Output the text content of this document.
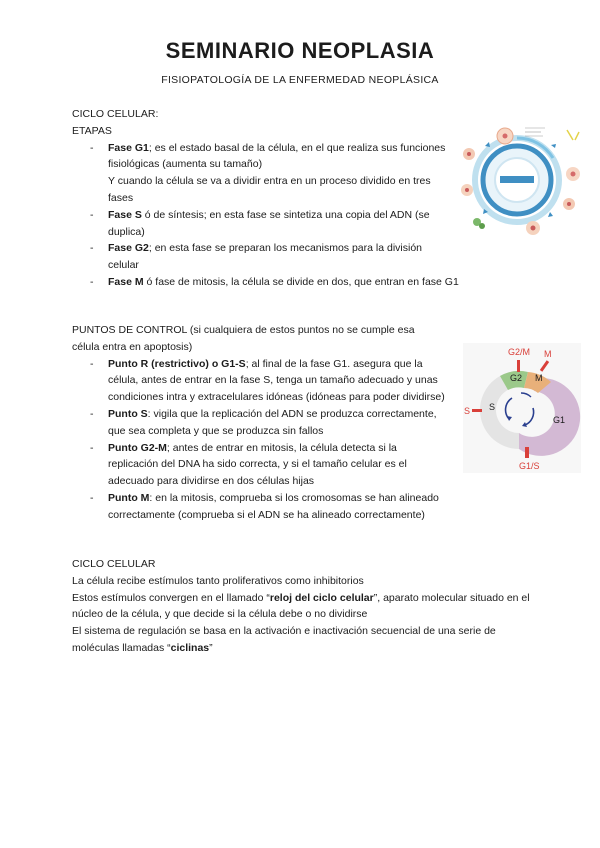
SEMINARIO NEOPLASIA
FISIOPATOLOGÍA DE LA ENFERMEDAD NEOPLÁSICA
CICLO CELULAR:
ETAPAS
- Fase G1; es el estado basal de la célula, en el que realiza sus funciones fisiológicas (aumenta su tamaño)
Y cuando la célula se va a dividir entra en un proceso dividido en tres fases
- Fase S ó de síntesis; en esta fase se sintetiza una copia del ADN (se duplica)
- Fase G2; en esta fase se preparan los mecanismos para la división celular
- Fase M ó fase de mitosis, la célula se divide en dos, que entran en fase G1
PUNTOS DE CONTROL (si cualquiera de estos puntos no se cumple esa célula entra en apoptosis)
- Punto R (restrictivo) o G1-S; al final de la fase G1. asegura que la célula, antes de entrar en la fase S, tenga un tamaño adecuado y unas condiciones intra y extracelulares idóneas (idóneas para poder dividirse)
- Punto S: vigila que la replicación del ADN se produzca correctamente, que sea completa y que se produzca sin fallos
- Punto G2-M; antes de entrar en mitosis, la célula detecta si la replicación del DNA ha sido correcta, y si el tamaño celular es el adecuado para dividirse en dos células hijas
- Punto M: en la mitosis, comprueba si los cromosomas se han alineado correctamente (comprueba si el ADN se ha alineado correctamente)
G2/M M
G2 M
S S
G1
G1/S
CICLO CELULAR
La célula recibe estímulos tanto proliferativos como inhibitorios
Estos estímulos convergen en el llamado “reloj del ciclo celular”, aparato molecular situado en el núcleo de la célula, y que decide si la célula debe o no dividirse
El sistema de regulación se basa en la activación e inactivación secuencial de una serie de moléculas llamadas “ciclinas”
